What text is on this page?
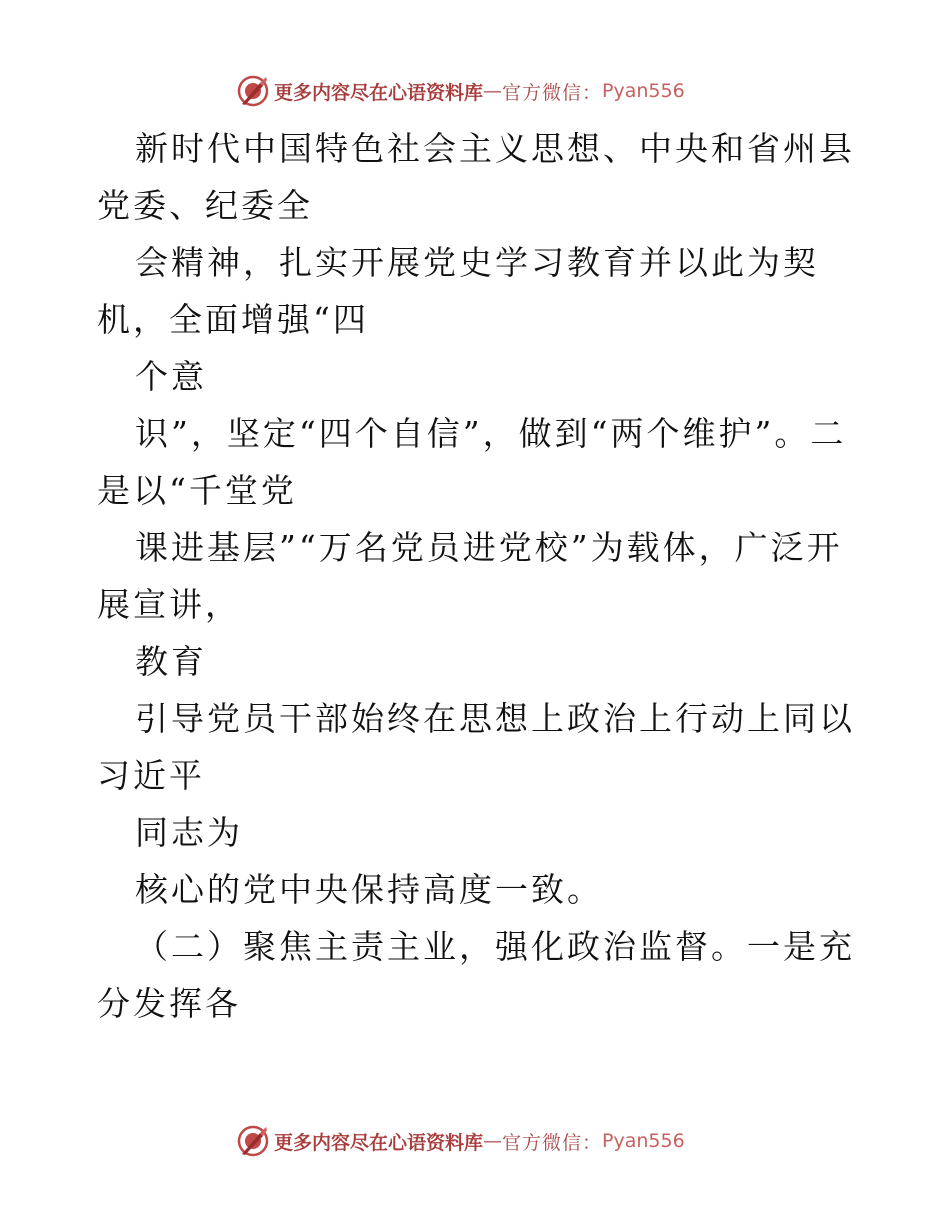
更多内容尽在心语资料库 — 官方微信： Pyan556

新时代中国特色社会主义思想、中央和省州县党委、纪委全

会精神，扎实开展党史学习教育并以此为契机，全面增强“四

个意

识”，坚定“四个自信”，做到“两个维护”。二是以“千堂党

课进基层”“万名党员进党校”为载体，广泛开展宣讲，

教育

引导党员干部始终在思想上政治上行动上同以习近平

同志为

核心的党中央保持高度一致。

（二）聚焦主责主业，强化政治监督。一是充分发挥各

更多内容尽在心语资料库 — 官方微信： Pyan556
